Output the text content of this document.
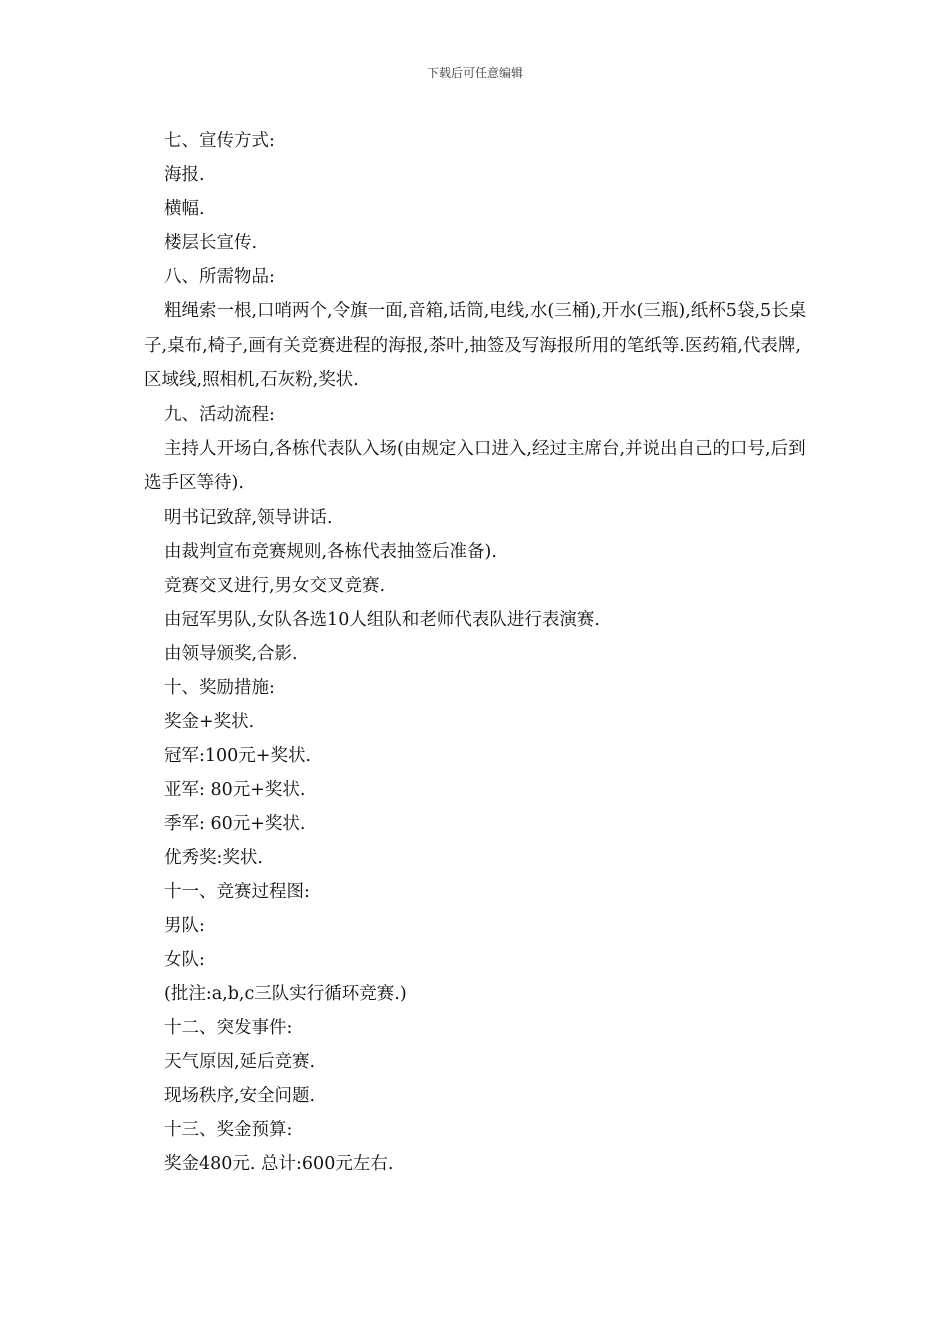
下载后可任意编辑

七、宣传方式:

海报.

横幅.

楼层长宣传.

八、所需物品:

粗绳索一根,口哨两个,令旗一面,音箱,话筒,电线,水(三桶),开水(三瓶),纸杯5袋,5长桌子,桌布,椅子,画有关竞赛进程的海报,茶叶,抽签及写海报所用的笔纸等.医药箱,代表牌,区域线,照相机,石灰粉,奖状.

九、活动流程:

主持人开场白,各栋代表队入场(由规定入口进入,经过主席台,并说出自己的口号,后到选手区等待).

明书记致辞,领导讲话.

由裁判宣布竞赛规则,各栋代表抽签后准备).

竞赛交叉进行,男女交叉竞赛.

由冠军男队,女队各选10人组队和老师代表队进行表演赛.

由领导颁奖,合影.

十、奖励措施:

奖金+奖状.

冠军:100元+奖状.

亚军: 80元+奖状.

季军: 60元+奖状.

优秀奖:奖状.

十一、竞赛过程图:

男队:

女队:

(批注:a,b,c三队实行循环竞赛.)

十二、突发事件:

天气原因,延后竞赛.

现场秩序,安全问题.

十三、奖金预算:

奖金480元. 总计:600元左右.
